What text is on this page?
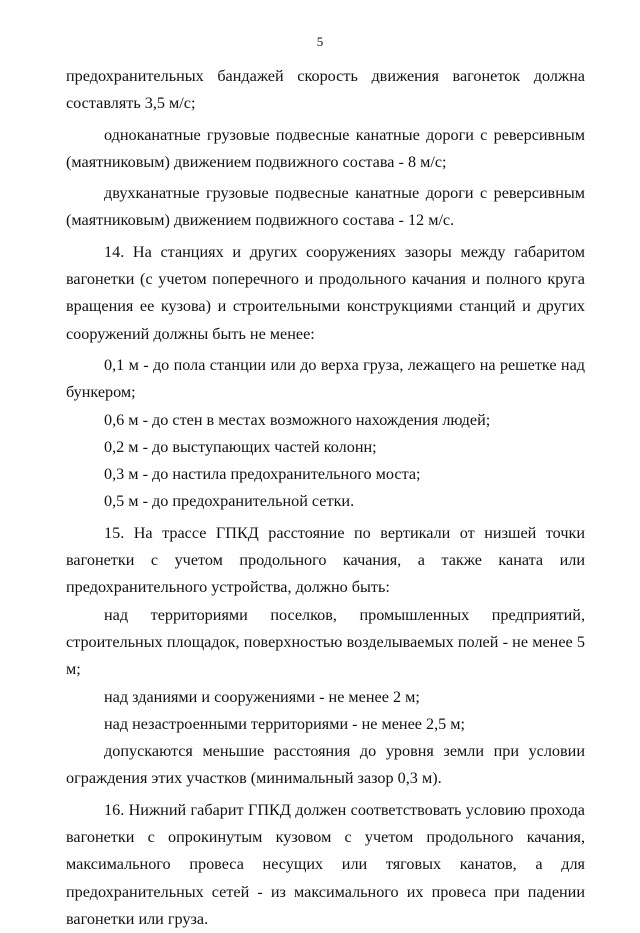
5

предохранительных бандажей скорость движения вагонеток должна составлять 3,5 м/с;

одноканатные грузовые подвесные канатные дороги с реверсивным (маятниковым) движением подвижного состава - 8 м/с;

двухканатные грузовые подвесные канатные дороги с реверсивным (маятниковым) движением подвижного состава - 12 м/с.

14. На станциях и других сооружениях зазоры между габаритом вагонетки (с учетом поперечного и продольного качания и полного круга вращения ее кузова) и строительными конструкциями станций и других сооружений должны быть не менее:

0,1 м - до пола станции или до верха груза, лежащего на решетке над бункером;

0,6 м - до стен в местах возможного нахождения людей;

0,2 м - до выступающих частей колонн;

0,3 м - до настила предохранительного моста;

0,5 м - до предохранительной сетки.

15. На трассе ГПКД расстояние по вертикали от низшей точки вагонетки с учетом продольного качания, а также каната или предохранительного устройства, должно быть:

над территориями поселков, промышленных предприятий, строительных площадок, поверхностью возделываемых полей - не менее 5 м;

над зданиями и сооружениями - не менее 2 м;

над незастроенными территориями - не менее 2,5 м;

допускаются меньшие расстояния до уровня земли при условии ограждения этих участков (минимальный зазор 0,3 м).

16. Нижний габарит ГПКД должен соответствовать условию прохода вагонетки с опрокинутым кузовом с учетом продольного качания, максимального провеса несущих или тяговых канатов, а для предохранительных сетей - из максимального их провеса при падении вагонетки или груза.
